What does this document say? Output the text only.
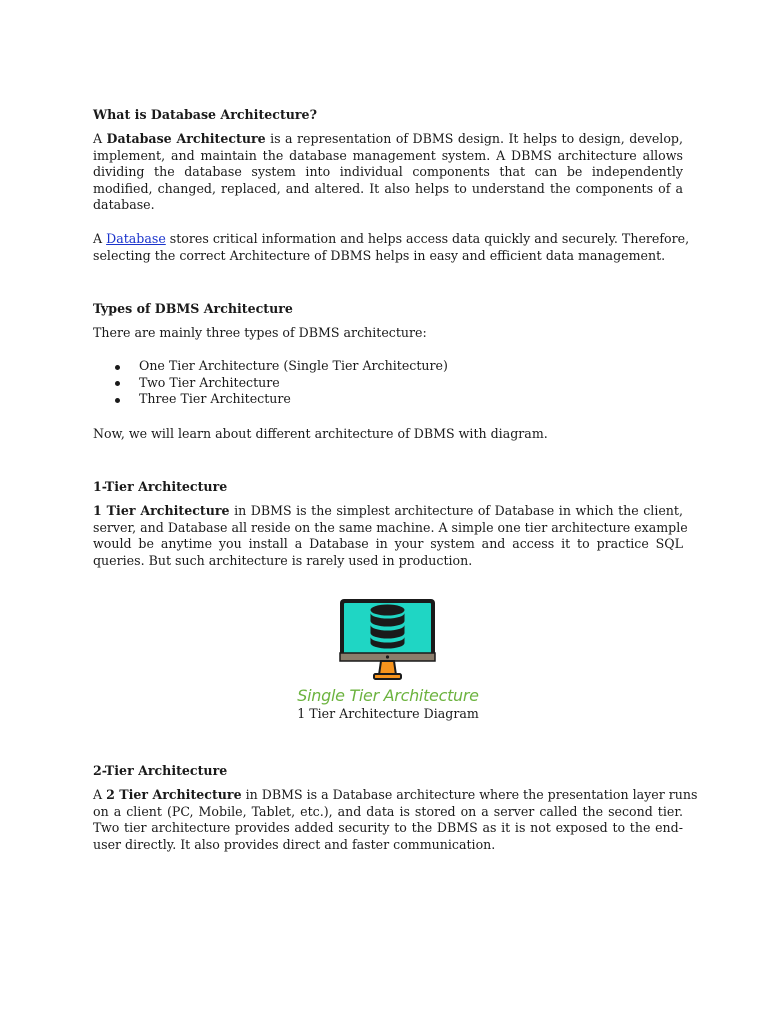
What is Database Architecture?
A Database Architecture is a representation of DBMS design. It helps to design, develop,
implement, and maintain the database management system. A DBMS architecture allows
dividing the database system into individual components that can be independently
modified, changed, replaced, and altered. It also helps to understand the components of a
database.
A Database stores critical information and helps access data quickly and securely. Therefore,
selecting the correct Architecture of DBMS helps in easy and efficient data management.
Types of DBMS Architecture
There are mainly three types of DBMS architecture:
One Tier Architecture (Single Tier Architecture)
Two Tier Architecture
Three Tier Architecture
Now, we will learn about different architecture of DBMS with diagram.
1-Tier Architecture
1 Tier Architecture in DBMS is the simplest architecture of Database in which the client,
server, and Database all reside on the same machine. A simple one tier architecture example
would be anytime you install a Database in your system and access it to practice SQL
queries. But such architecture is rarely used in production.
Single Tier Architecture
1 Tier Architecture Diagram
2-Tier Architecture
A 2 Tier Architecture in DBMS is a Database architecture where the presentation layer runs
on a client (PC, Mobile, Tablet, etc.), and data is stored on a server called the second tier.
Two tier architecture provides added security to the DBMS as it is not exposed to the end-
user directly. It also provides direct and faster communication.
